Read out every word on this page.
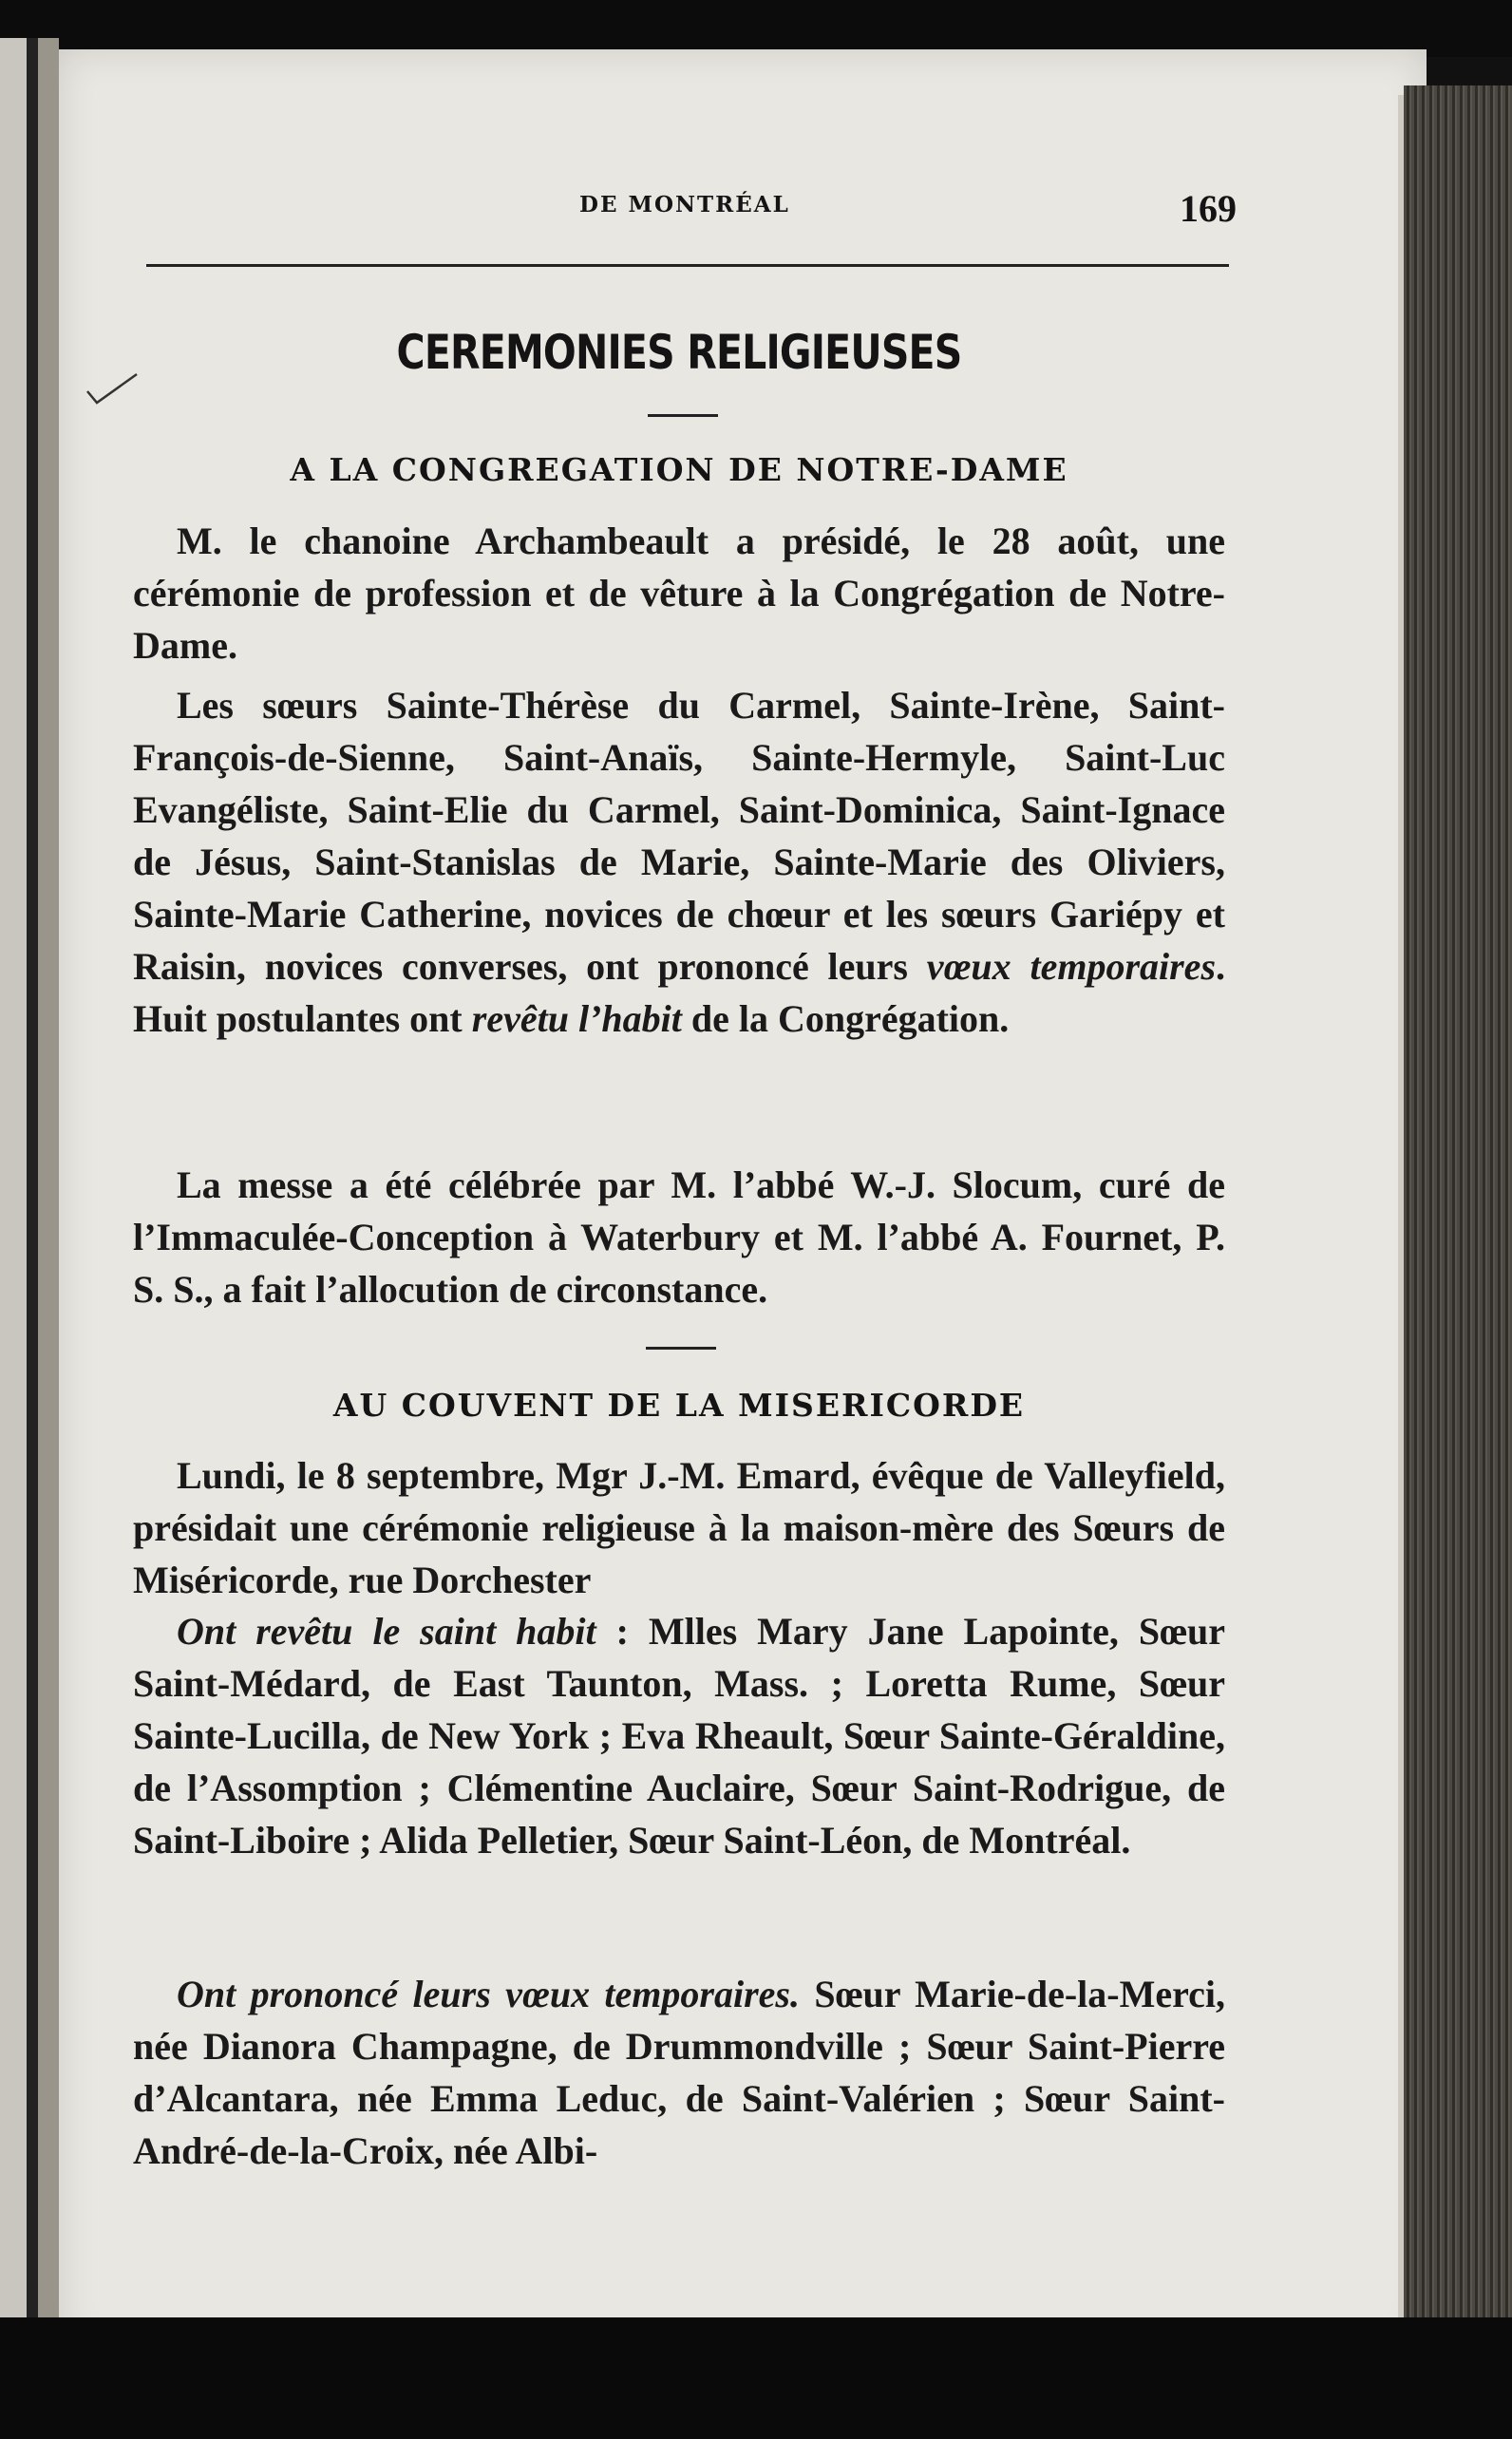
DE MONTRÉAL	169
CEREMONIES RELIGIEUSES
A LA CONGREGATION DE NOTRE-DAME
M. le chanoine Archambeault a présidé, le 28 août, une cérémonie de profession et de vêture à la Congrégation de Notre-Dame.
Les sœurs Sainte-Thérèse du Carmel, Sainte-Irène, Saint-François-de-Sienne, Saint-Anaïs, Sainte-Hermyle, Saint-Luc Evangéliste, Saint-Elie du Carmel, Saint-Dominica, Saint-Ignace de Jésus, Saint-Stanislas de Marie, Sainte-Marie des Oliviers, Sainte-Marie Catherine, novices de chœur et les sœurs Gariépy et Raisin, novices converses, ont prononcé leurs vœux temporaires. Huit postulantes ont revêtu l’habit de la Congrégation.
La messe a été célébrée par M. l’abbé W.-J. Slocum, curé de l’Immaculée-Conception à Waterbury et M. l’abbé A. Fournet, P. S. S., a fait l’allocution de circonstance.
AU COUVENT DE LA MISERICORDE
Lundi, le 8 septembre, Mgr J.-M. Emard, évêque de Valleyfield, présidait une cérémonie religieuse à la maison-mère des Sœurs de Miséricorde, rue Dorchester
Ont revêtu le saint habit : Mlles Mary Jane Lapointe, Sœur Saint-Médard, de East Taunton, Mass. ; Loretta Rume, Sœur Sainte-Lucilla, de New York ; Eva Rheault, Sœur Sainte-Géraldine, de l’Assomption ; Clémentine Auclaire, Sœur Saint-Rodrigue, de Saint-Liboire ; Alida Pelletier, Sœur Saint-Léon, de Montréal.
Ont prononcé leurs vœux temporaires. Sœur Marie-de-la-Merci, née Dianora Champagne, de Drummondville ; Sœur Saint-Pierre d’Alcantara, née Emma Leduc, de Saint-Valérien ; Sœur Saint-André-de-la-Croix, née Albi-
